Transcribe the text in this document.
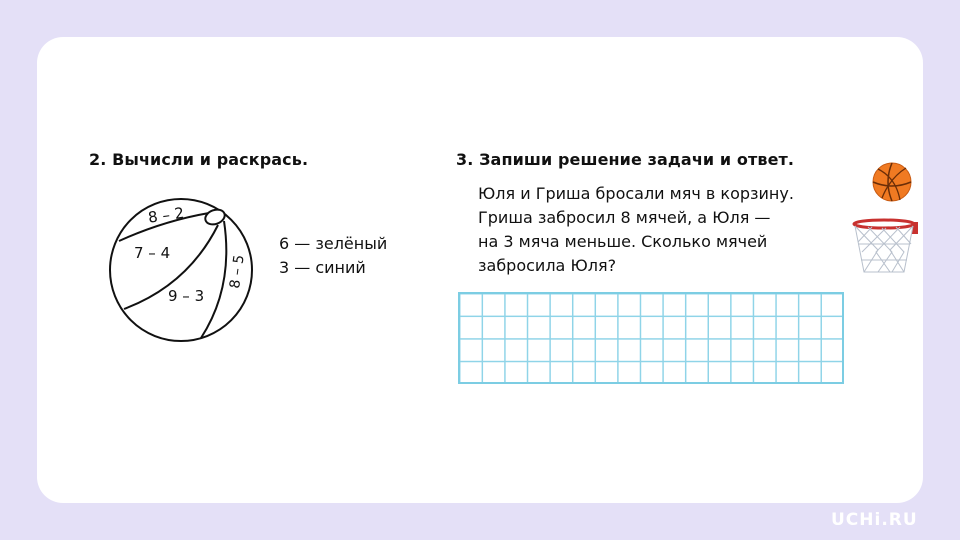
2. Вычисли и раскрась.	3. Запиши решение задачи и ответ.
8 – 2
7 – 4
9 – 3
8 – 5
6 — зелёный
3 — синий
Юля и Гриша бросали мяч в корзину.
Гриша забросил 8 мячей, а Юля —
на 3 мяча меньше. Сколько мячей
забросила Юля?
UCHi.RU
